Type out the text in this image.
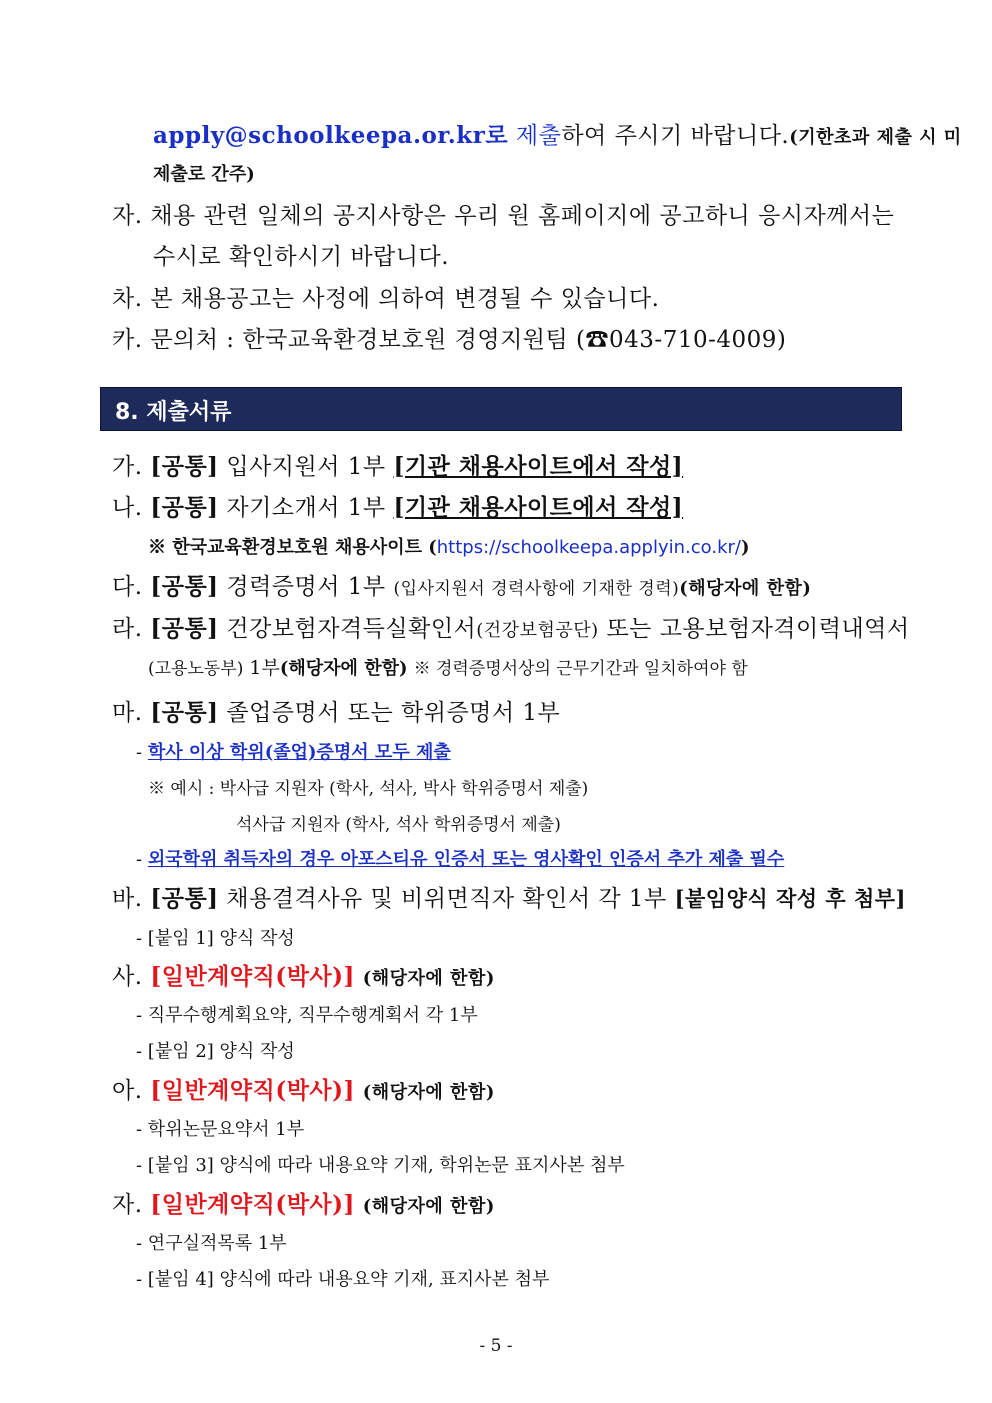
apply@schoolkeepa.or.kr로 제출하여 주시기 바랍니다.(기한초과 제출 시 미
제출로 간주)
자. 채용 관련 일체의 공지사항은 우리 원 홈페이지에 공고하니 응시자께서는
수시로 확인하시기 바랍니다.
차. 본 채용공고는 사정에 의하여 변경될 수 있습니다.
카. 문의처 : 한국교육환경보호원 경영지원팀 (☎043-710-4009)
8. 제출서류
가. [공통] 입사지원서 1부 [기관 채용사이트에서 작성]
나. [공통] 자기소개서 1부 [기관 채용사이트에서 작성]
※ 한국교육환경보호원 채용사이트 (https://schoolkeepa.applyin.co.kr/)
다. [공통] 경력증명서 1부 (입사지원서 경력사항에 기재한 경력)(해당자에 한함)
라. [공통] 건강보험자격득실확인서(건강보험공단) 또는 고용보험자격이력내역서
(고용노동부) 1부(해당자에 한함) ※ 경력증명서상의 근무기간과 일치하여야 함
마. [공통] 졸업증명서 또는 학위증명서 1부
- 학사 이상 학위(졸업)증명서 모두 제출
※ 예시 : 박사급 지원자 (학사, 석사, 박사 학위증명서 제출)
석사급 지원자 (학사, 석사 학위증명서 제출)
- 외국학위 취득자의 경우 아포스티유 인증서 또는 영사확인 인증서 추가 제출 필수
바. [공통] 채용결격사유 및 비위면직자 확인서 각 1부 [붙임양식 작성 후 첨부]
- [붙임 1] 양식 작성
사. [일반계약직(박사)] (해당자에 한함)
- 직무수행계획요약, 직무수행계획서 각 1부
- [붙임 2] 양식 작성
아. [일반계약직(박사)] (해당자에 한함)
- 학위논문요약서 1부
- [붙임 3] 양식에 따라 내용요약 기재, 학위논문 표지사본 첨부
자. [일반계약직(박사)] (해당자에 한함)
- 연구실적목록 1부
- [붙임 4] 양식에 따라 내용요약 기재, 표지사본 첨부
- 5 -
